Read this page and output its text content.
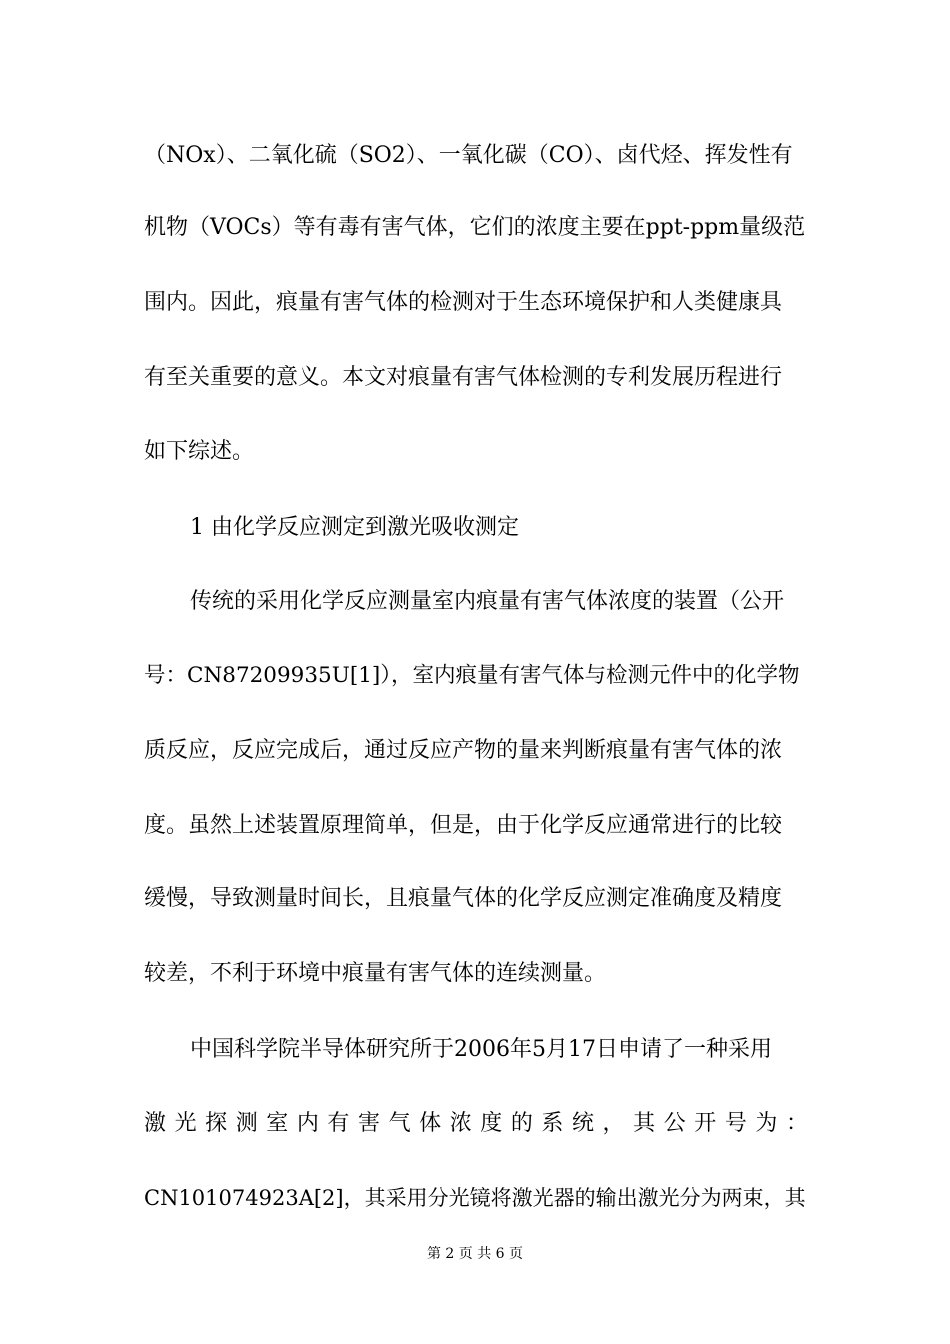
（NOx）、二氧化硫（SO2）、一氧化碳（CO）、卤代烃、挥发性有
机物（VOCs）等有毒有害气体，它们的浓度主要在ppt-ppm量级范
围内。因此，痕量有害气体的检测对于生态环境保护和人类健康具
有至关重要的意义。本文对痕量有害气体检测的专利发展历程进行
如下综述。
1 由化学反应测定到激光吸收测定
传统的采用化学反应测量室内痕量有害气体浓度的装置（公开
号：CN87209935U[1]），室内痕量有害气体与检测元件中的化学物
质反应，反应完成后，通过反应产物的量来判断痕量有害气体的浓
度。虽然上述装置原理简单，但是，由于化学反应通常进行的比较
缓慢，导致测量时间长，且痕量气体的化学反应测定准确度及精度
较差，不利于环境中痕量有害气体的连续测量。
中国科学院半导体研究所于2006年5月17日申请了一种采用
激光探测室内有害气体浓度的系统，其公开号为：
CN101074923A[2]，其采用分光镜将激光器的输出激光分为两束，其
第 2 页 共 6 页
